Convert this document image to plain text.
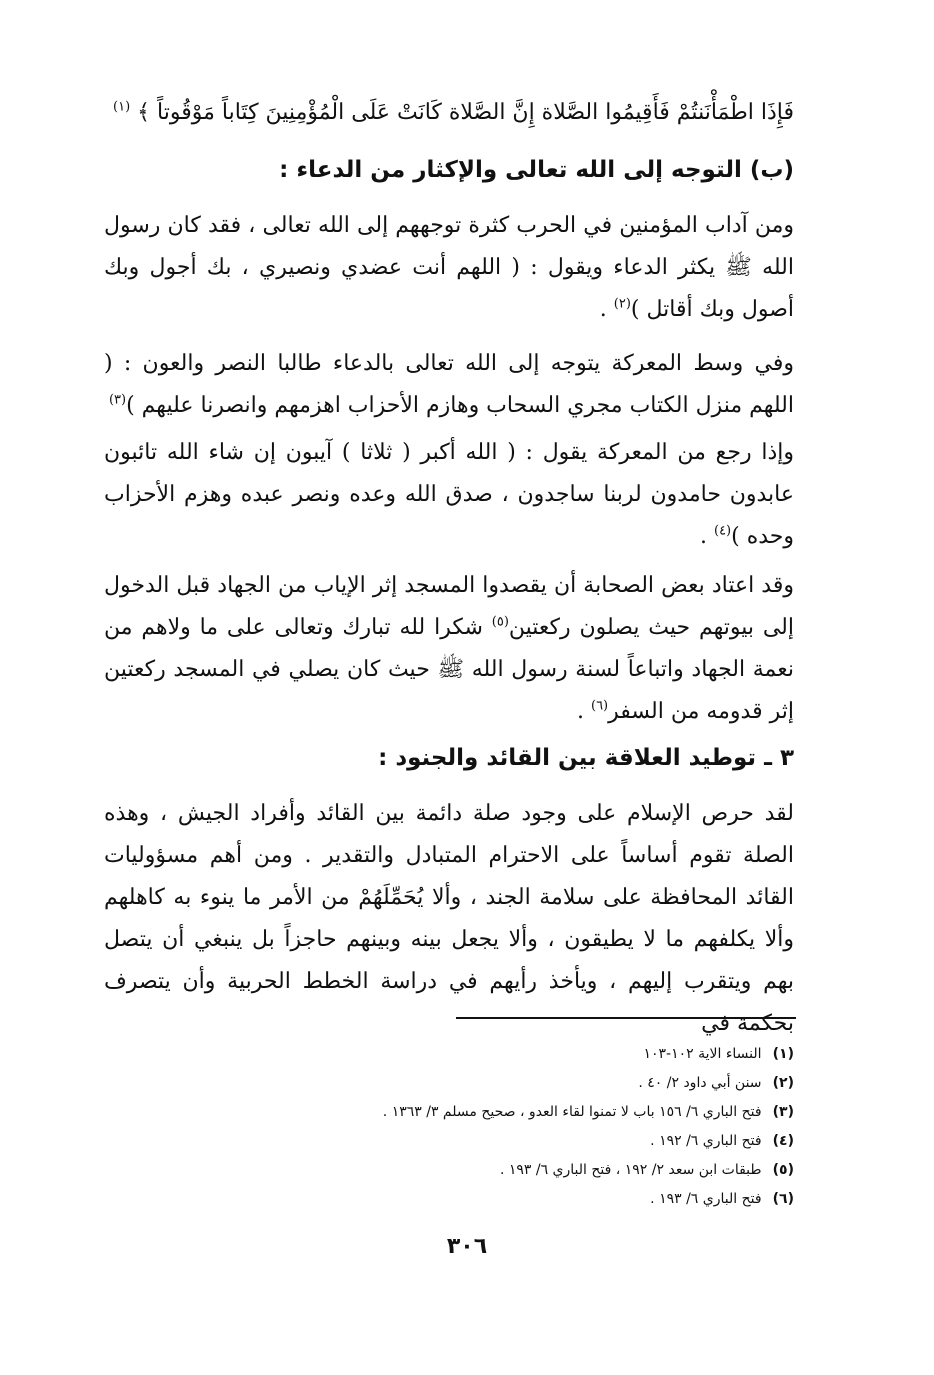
فَإِذَا اطْمَأْنَنتُمْ فَأَقِيمُوا الصَّلاة إِنَّ الصَّلاة كَانَتْ عَلَى الْمُؤْمِنِينَ كِتَاباً مَوْقُوتاً ﴾ $^{(١)}$

(ب) التوجه إلى الله تعالى والإكثار من الدعاء :

ومن آداب المؤمنين في الحرب كثرة توجههم إلى الله تعالى ، فقد كان رسول الله ﷺ يكثر الدعاء ويقول : ( اللهم أنت عضدي ونصيري ، بك أجول وبك أصول وبك أقاتل )$^{(٢)}$ .

وفي وسط المعركة يتوجه إلى الله تعالى بالدعاء طالبا النصر والعون : ( اللهم منزل الكتاب مجري السحاب وهازم الأحزاب اهزمهم وانصرنا عليهم )$^{(٣)}$

وإذا رجع من المعركة يقول : ( الله أكبر ( ثلاثا ) آيبون إن شاء الله تائبون عابدون حامدون لربنا ساجدون ، صدق الله وعده ونصر عبده وهزم الأحزاب وحده )$^{(٤)}$ .

وقد اعتاد بعض الصحابة أن يقصدوا المسجد إثر الإياب من الجهاد قبل الدخول إلى بيوتهم حيث يصلون ركعتين$^{(٥)}$ شكرا لله تبارك وتعالى على ما ولاهم من نعمة الجهاد واتباعاً لسنة رسول الله ﷺ حيث كان يصلي في المسجد ركعتين إثر قدومه من السفر$^{(٦)}$ .

٣ ـ توطيد العلاقة بين القائد والجنود :

لقد حرص الإسلام على وجود صلة دائمة بين القائد وأفراد الجيش ، وهذه الصلة تقوم أساساً على الاحترام المتبادل والتقدير . ومن أهم مسؤوليات القائد المحافظة على سلامة الجند ، وألا يُحَمِّلَهُمْ من الأمر ما ينوء به كاهلهم وألا يكلفهم ما لا يطيقون ، وألا يجعل بينه وبينهم حاجزاً بل ينبغي أن يتصل بهم ويتقرب إليهم ، ويأخذ رأيهم في دراسة الخطط الحربية وأن يتصرف بحكمة في

(١) النساء الاية ١٠٢-١٠٣
(٢) سنن أبي داود ٢/ ٤٠ .
(٣) فتح الباري ٦/ ١٥٦ باب لا تمنوا لقاء العدو ، صحيح مسلم ٣/ ١٣٦٣ .
(٤) فتح الباري ٦/ ١٩٢ .
(٥) طبقات ابن سعد ٢/ ١٩٢ ، فتح الباري ٦/ ١٩٣ .
(٦) فتح الباري ٦/ ١٩٣ .
٣٠٦
